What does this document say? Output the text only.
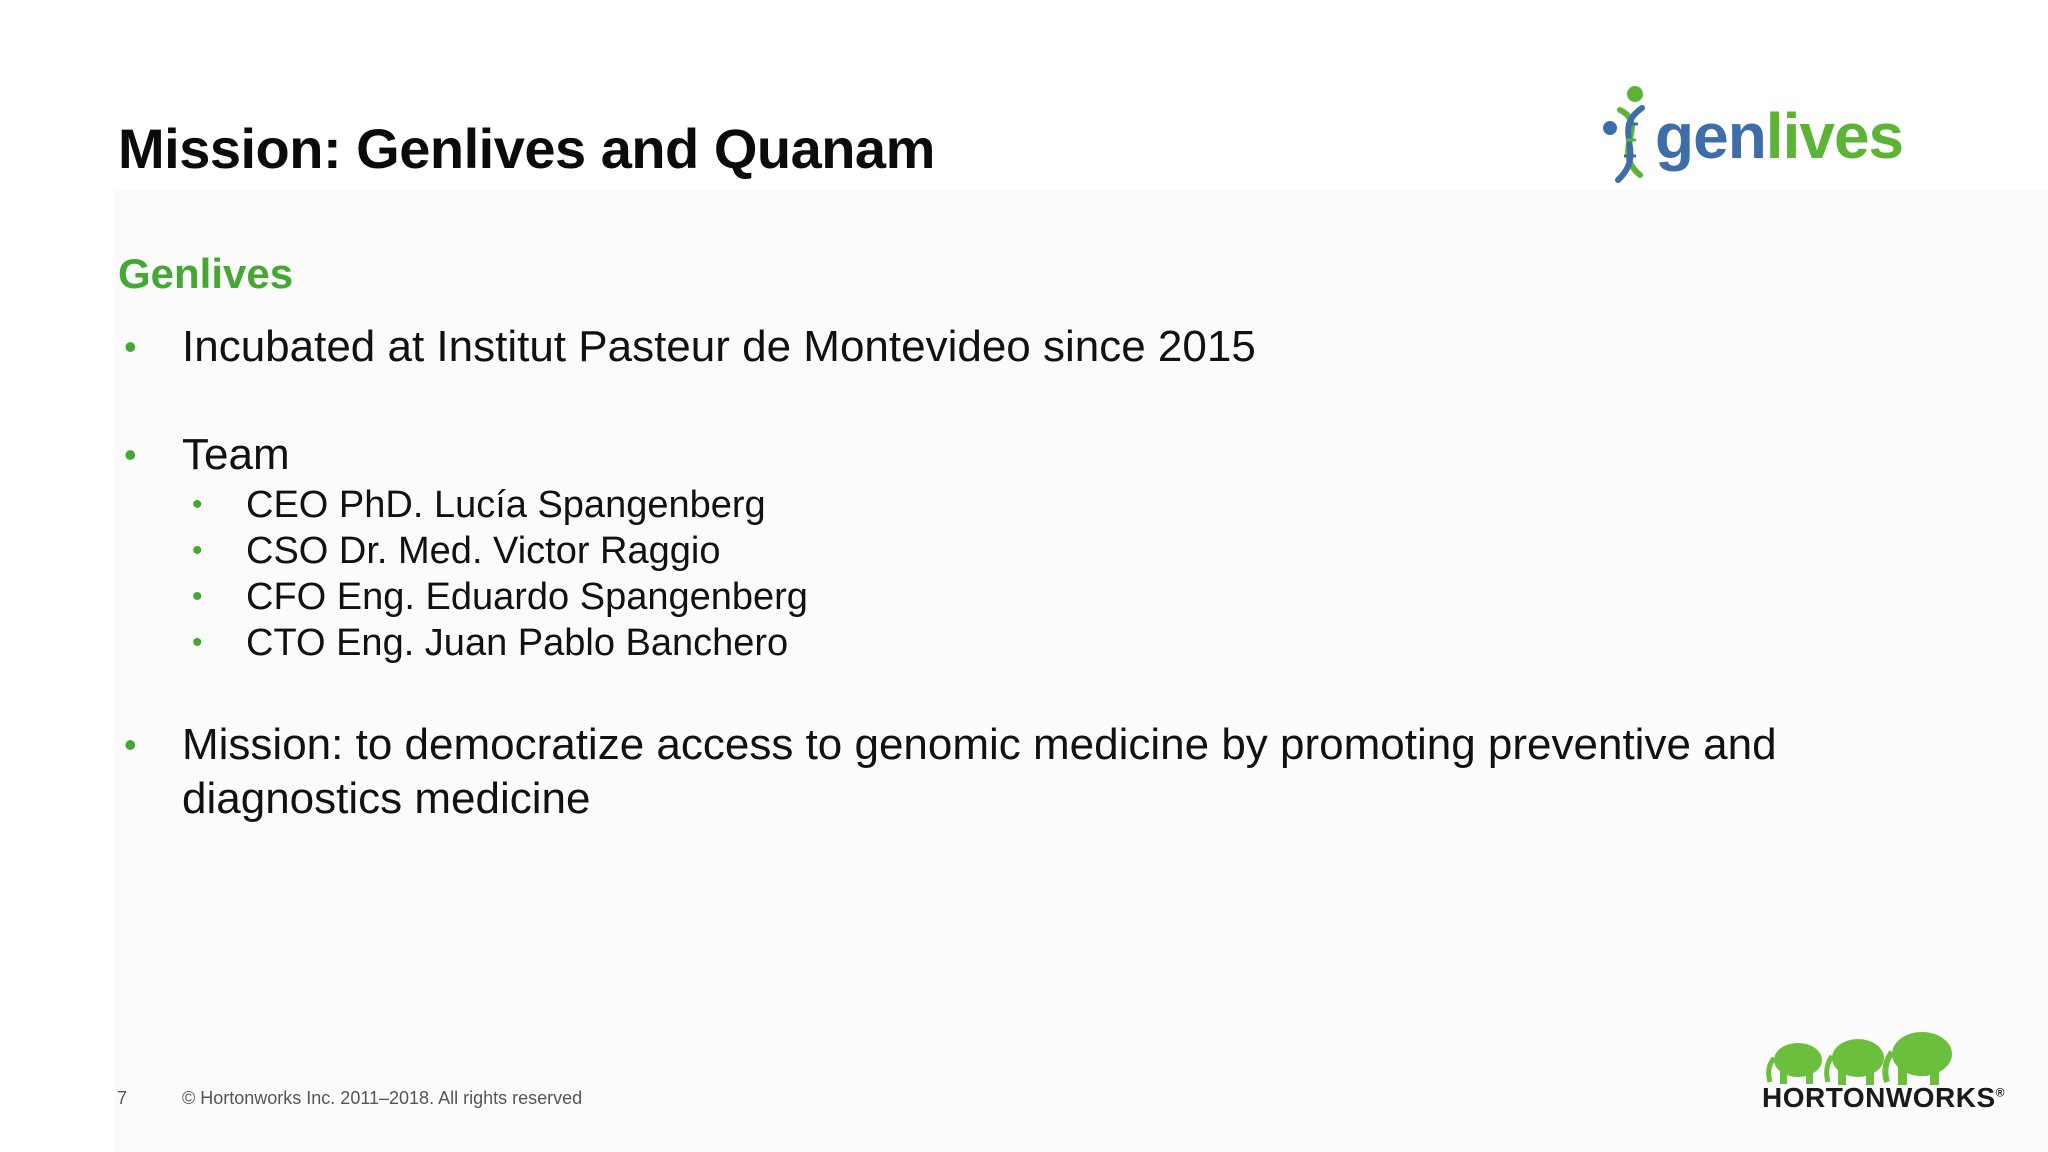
Mission: Genlives and Quanam	genlives
Genlives
• Incubated at Institut Pasteur de Montevideo since 2015
• Team
• CEO PhD. Lucía Spangenberg
• CSO Dr. Med. Victor Raggio
• CFO Eng. Eduardo Spangenberg
• CTO Eng. Juan Pablo Banchero
• Mission: to democratize access to genomic medicine by promoting preventive and diagnostics medicine
7	© Hortonworks Inc. 2011–2018. All rights reserved	HORTONWORKS®
